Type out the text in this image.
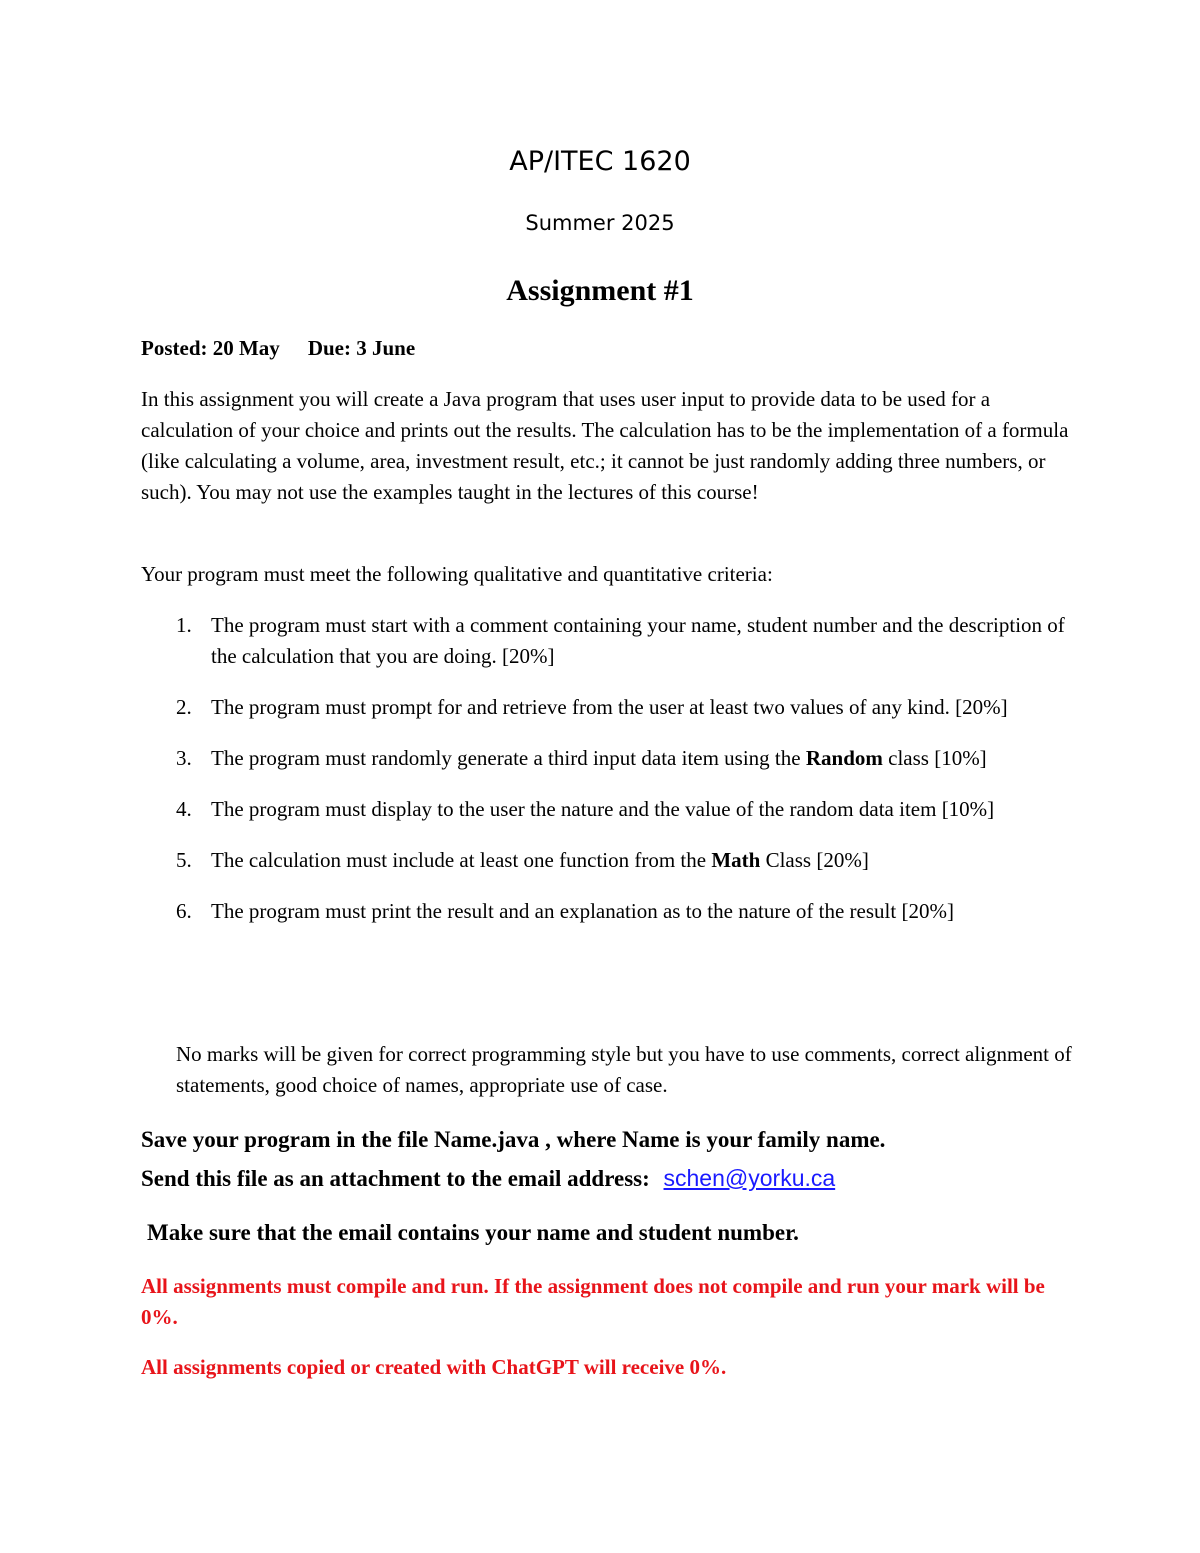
AP/ITEC 1620
Summer 2025
Assignment #1
Posted: 20 May Due: 3 June

In this assignment you will create a Java program that uses user input to provide data to be used for a calculation of your choice and prints out the results. The calculation has to be the implementation of a formula (like calculating a volume, area, investment result, etc.; it cannot be just randomly adding three numbers, or such). You may not use the examples taught in the lectures of this course!

Your program must meet the following qualitative and quantitative criteria:

1. The program must start with a comment containing your name, student number and the description of the calculation that you are doing. [20%]
2. The program must prompt for and retrieve from the user at least two values of any kind. [20%]
3. The program must randomly generate a third input data item using the Random class [10%]
4. The program must display to the user the nature and the value of the random data item [10%]
5. The calculation must include at least one function from the Math Class [20%]
6. The program must print the result and an explanation as to the nature of the result [20%]

No marks will be given for correct programming style but you have to use comments, correct alignment of statements, good choice of names, appropriate use of case.

Save your program in the file Name.java , where Name is your family name.
Send this file as an attachment to the email address: schen@yorku.ca
Make sure that the email contains your name and student number.

All assignments must compile and run. If the assignment does not compile and run your mark will be 0%.

All assignments copied or created with ChatGPT will receive 0%.
